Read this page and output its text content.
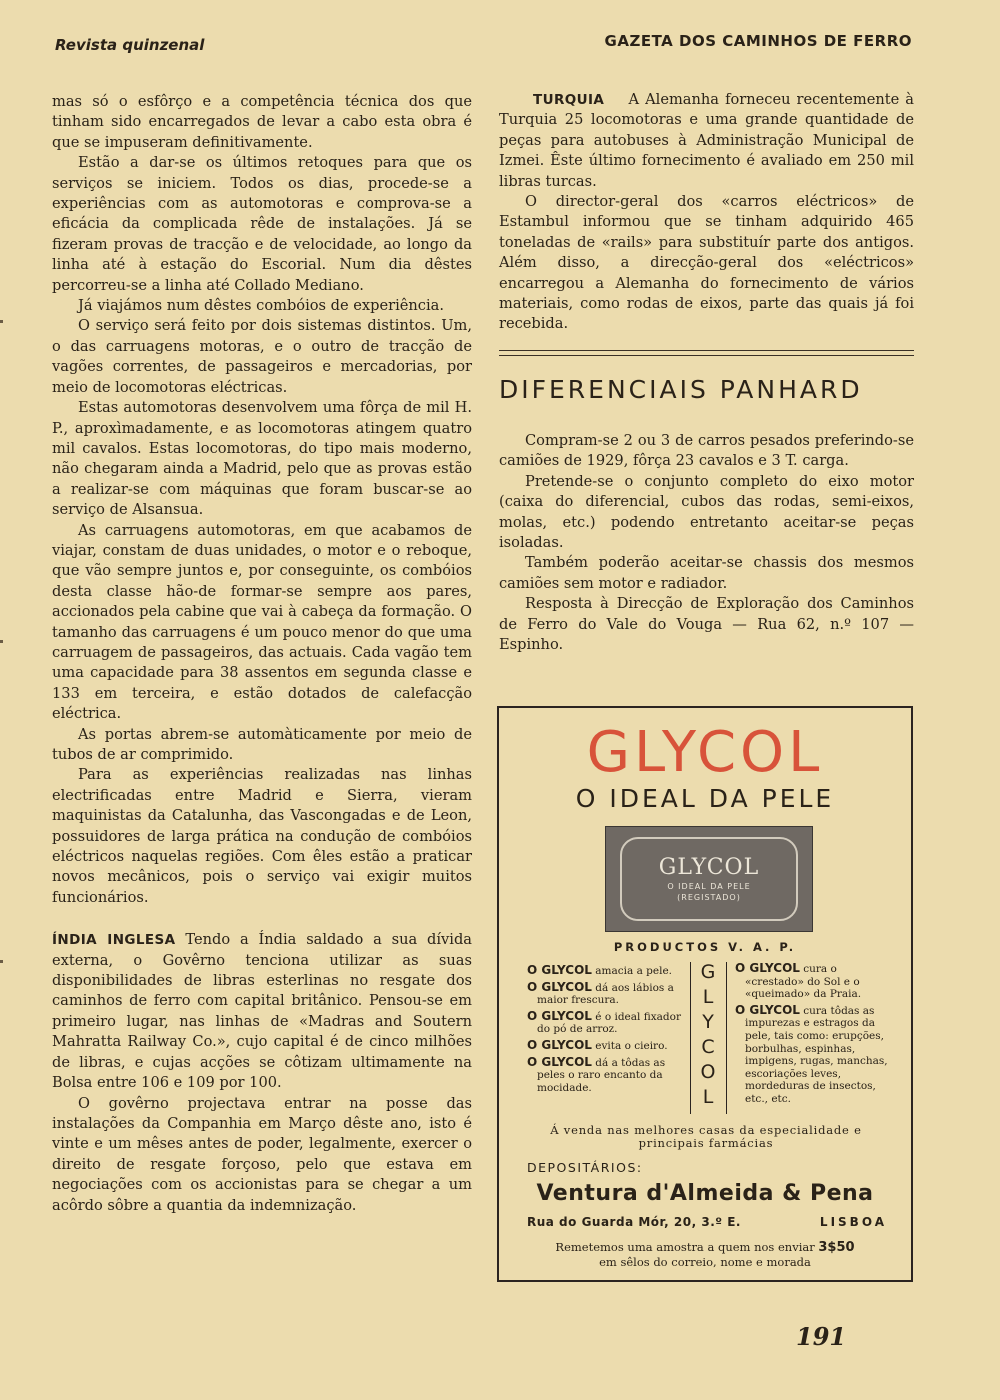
Revista quinzenal	GAZETA DOS CAMINHOS DE FERRO

mas só o esfôrço e a competência técnica dos que tinham sido encarregados de levar a cabo esta obra é que se impuseram definitivamente.

Estão a dar-se os últimos retoques para que os serviços se iniciem. Todos os dias, procede-se a experiências com as automotoras e comprova-se a eficácia da complicada rêde de instalações. Já se fizeram provas de tracção e de velocidade, ao longo da linha até à estação do Escorial. Num dia dêstes percorreu-se a linha até Collado Mediano.

Já viajámos num dêstes combóios de experiência.

O serviço será feito por dois sistemas distintos. Um, o das carruagens motoras, e o outro de tracção de vagões correntes, de passageiros e mercadorias, por meio de locomotoras eléctricas.

Estas automotoras desenvolvem uma fôrça de mil H. P., aproxìmadamente, e as locomotoras atingem quatro mil cavalos. Estas locomotoras, do tipo mais moderno, não chegaram ainda a Madrid, pelo que as provas estão a realizar-se com máquinas que foram buscar-se ao serviço de Alsansua.

As carruagens automotoras, em que acabamos de viajar, constam de duas unidades, o motor e o reboque, que vão sempre juntos e, por conseguinte, os combóios desta classe hão-de formar-se sempre aos pares, accionados pela cabine que vai à cabeça da formação. O tamanho das carruagens é um pouco menor do que uma carruagem de passageiros, das actuais. Cada vagão tem uma capacidade para 38 assentos em segunda classe e 133 em terceira, e estão dotados de calefacção eléctrica.

As portas abrem-se automàticamente por meio de tubos de ar comprimido.

Para as experiências realizadas nas linhas electrificadas entre Madrid e Sierra, vieram maquinistas da Catalunha, das Vascongadas e de Leon, possuidores de larga prática na condução de combóios eléctricos naquelas regiões. Com êles estão a praticar novos mecânicos, pois o serviço vai exigir muitos funcionários.

ÍNDIA INGLESA Tendo a Índia saldado a sua dívida externa, o Govêrno tenciona utilizar as suas disponibilidades de libras esterlinas no resgate dos caminhos de ferro com capital britânico. Pensou-se em primeiro lugar, nas linhas de «Madras and Soutern Mahratta Railway Co.», cujo capital é de cinco milhões de libras, e cujas acções se côtizam ultimamente na Bolsa entre 106 e 109 por 100.

O govêrno projectava entrar na posse das instalações da Companhia em Março dêste ano, isto é vinte e um mêses antes de poder, legalmente, exercer o direito de resgate forçoso, pelo que estava em negociações com os accionistas para se chegar a um acôrdo sôbre a quantia da indemnização.

TURQUIA A Alemanha forneceu recentemente à Turquia 25 locomotoras e uma grande quantidade de peças para autobuses à Administração Municipal de Izmei. Êste último fornecimento é avaliado em 250 mil libras turcas.

O director-geral dos «carros eléctricos» de Estambul informou que se tinham adquirido 465 toneladas de «rails» para substituír parte dos antigos. Além disso, a direcção-geral dos «eléctricos» encarregou a Alemanha do fornecimento de vários materiais, como rodas de eixos, parte das quais já foi recebida.

DIFERENCIAIS PANHARD

Compram-se 2 ou 3 de carros pesados preferindo-se camiões de 1929, fôrça 23 cavalos e 3 T. carga.

Pretende-se o conjunto completo do eixo motor (caixa do diferencial, cubos das rodas, semi-eixos, molas, etc.) podendo entretanto aceitar-se peças isoladas.

Também poderão aceitar-se chassis dos mesmos camiões sem motor e radiador.

Resposta à Direcção de Exploração dos Caminhos de Ferro do Vale do Vouga — Rua 62, n.º 107 — Espinho.

GLYCOL
O IDEAL DA PELE
GLYCOL
O IDEAL DA PELE
(REGISTADO)
PRODUCTOS V. A. P.
O GLYCOL amacia a pele.
O GLYCOL dá aos lábios a maior frescura.
O GLYCOL é o ideal fixador do pó de arroz.
O GLYCOL evita o cieiro.
O GLYCOL dá a tôdas as peles o raro encanto da mocidade.
G
L
Y
C
O
L
O GLYCOL cura o «crestado» do Sol e o «queimado» da Praia.
O GLYCOL cura tôdas as impurezas e estragos da pele, tais como: erupções, borbulhas, espinhas, impigens, rugas, manchas, escoriações leves, mordeduras de insectos, etc., etc.
Á venda nas melhores casas da especialidade e principais farmácias
DEPOSITÁRIOS:
Ventura d'Almeida & Pena
Rua do Guarda Mór, 20, 3.º E.	LISBOA
Remetemos uma amostra a quem nos enviar 3$50
em sêlos do correio, nome e morada
191
